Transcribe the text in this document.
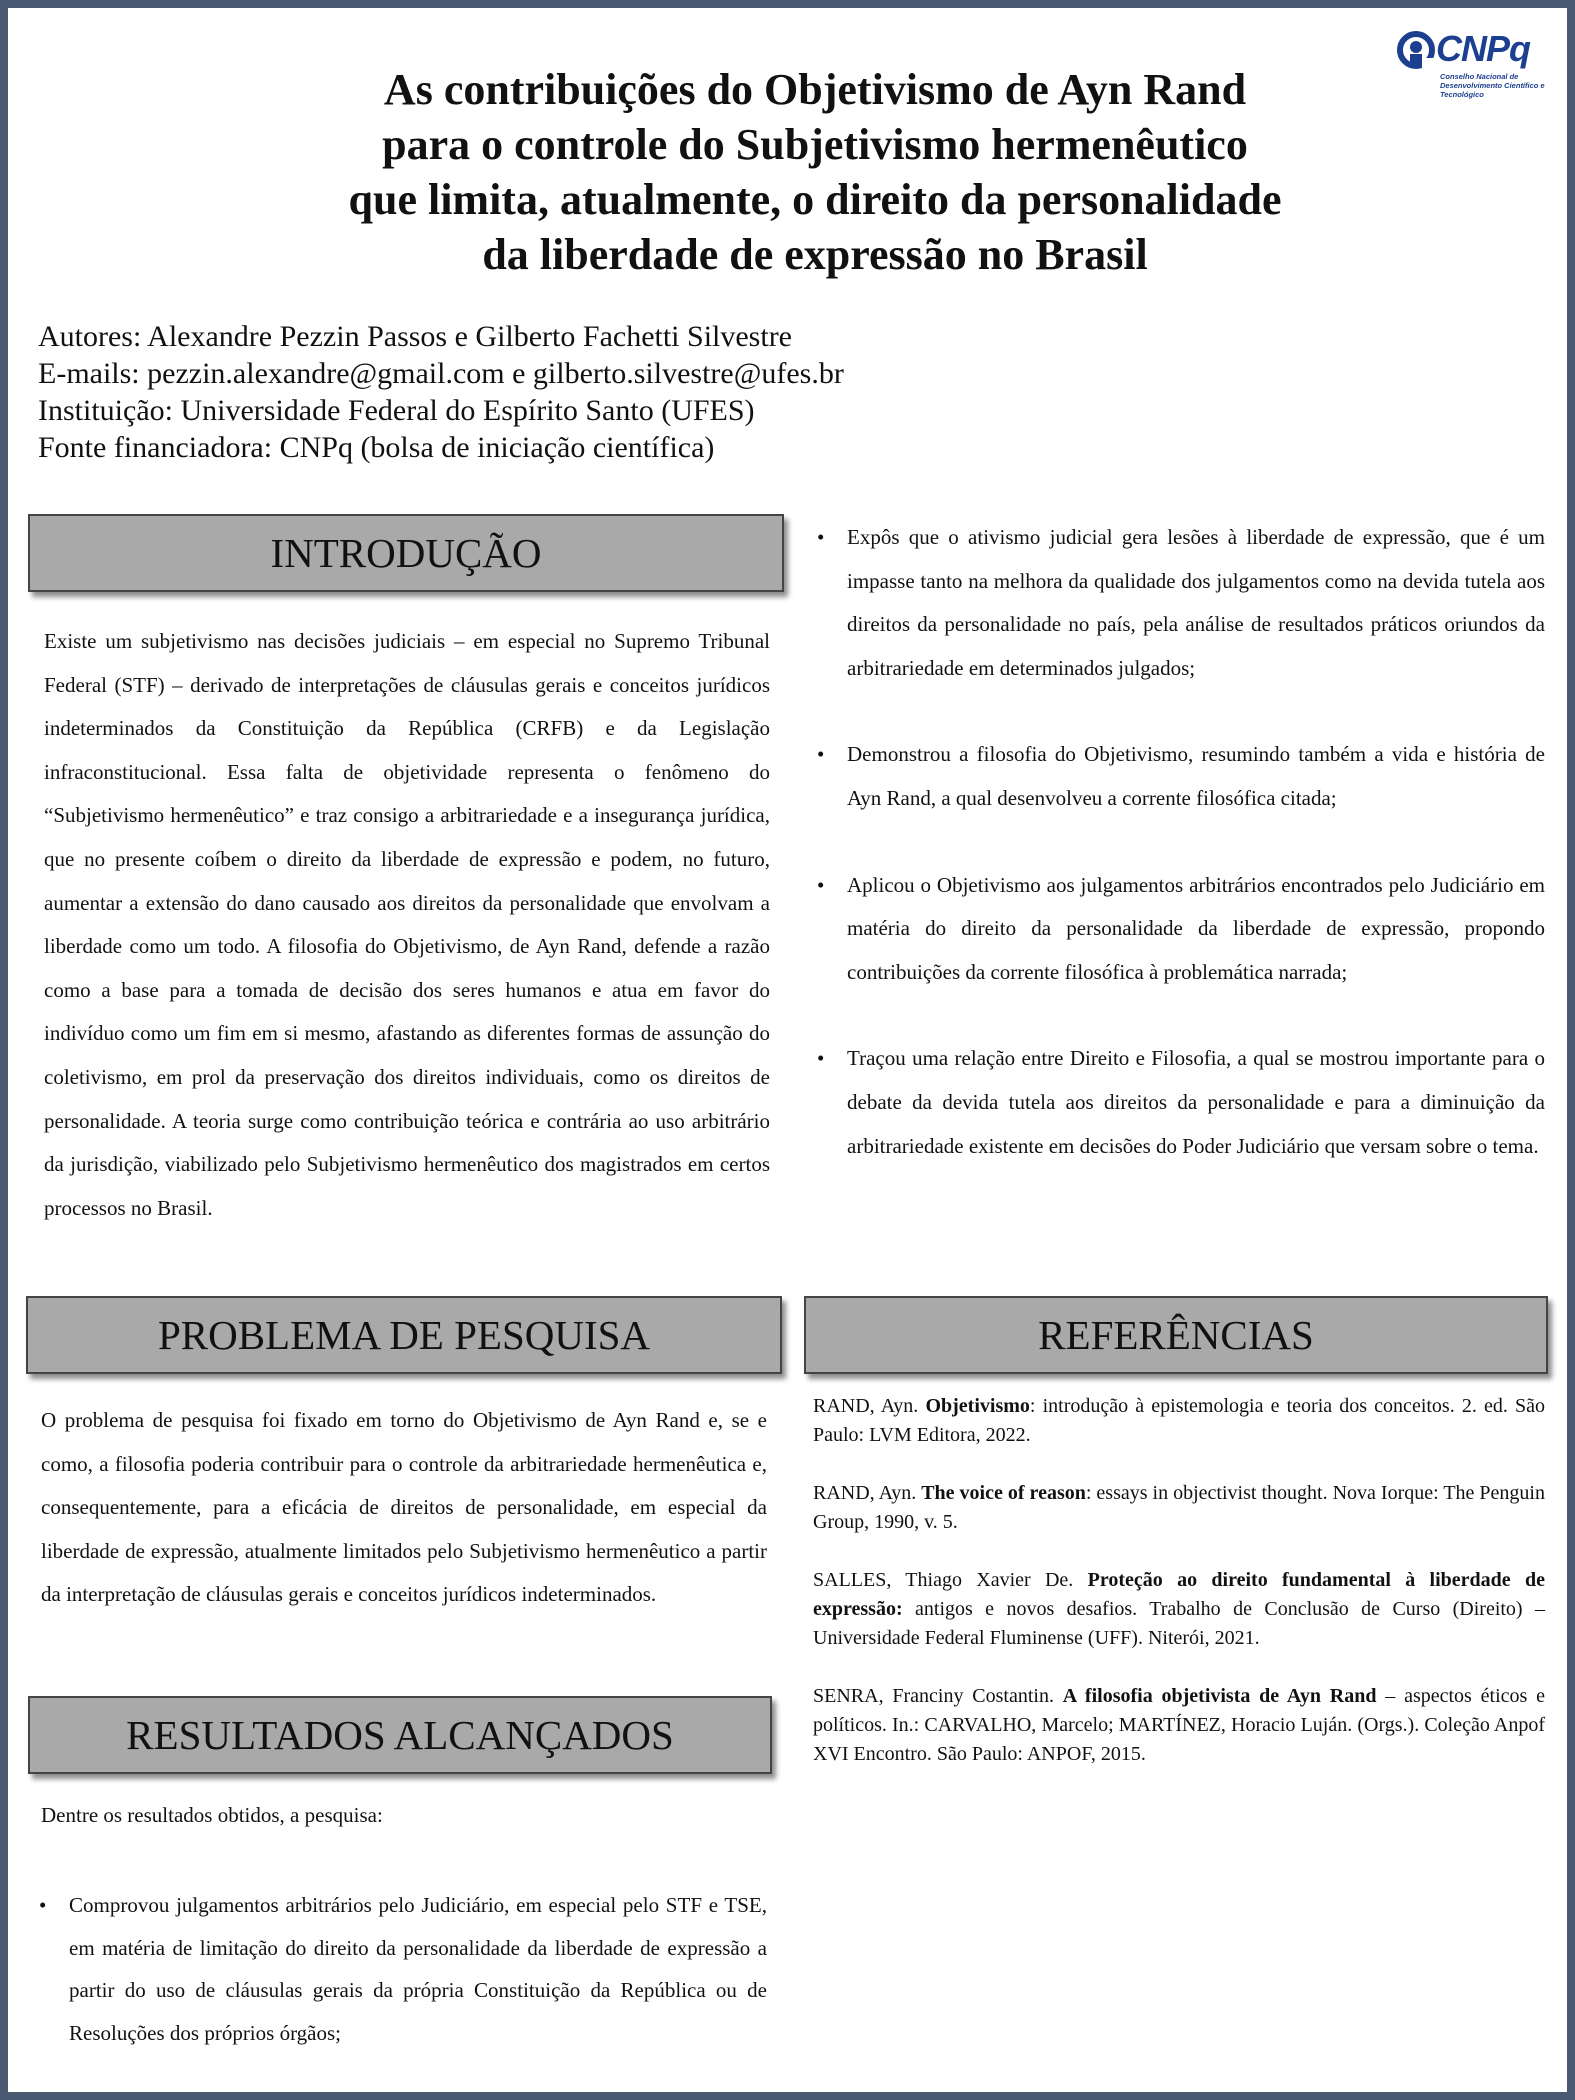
As contribuições do Objetivismo de Ayn Rand
para o controle do Subjetivismo hermenêutico
que limita, atualmente, o direito da personalidade
da liberdade de expressão no Brasil
CNPq
Conselho Nacional de Desenvolvimento Científico e Tecnológico
Autores: Alexandre Pezzin Passos e Gilberto Fachetti Silvestre
E-mails: pezzin.alexandre@gmail.com e gilberto.silvestre@ufes.br
Instituição: Universidade Federal do Espírito Santo (UFES)
Fonte financiadora: CNPq (bolsa de iniciação científica)
INTRODUÇÃO

Existe um subjetivismo nas decisões judiciais – em especial no Supremo Tribunal Federal (STF) – derivado de interpretações de cláusulas gerais e conceitos jurídicos indeterminados da Constituição da República (CRFB) e da Legislação infraconstitucional. Essa falta de objetividade representa o fenômeno do “Subjetivismo hermenêutico” e traz consigo a arbitrariedade e a insegurança jurídica, que no presente coíbem o direito da liberdade de expressão e podem, no futuro, aumentar a extensão do dano causado aos direitos da personalidade que envolvam a liberdade como um todo. A filosofia do Objetivismo, de Ayn Rand, defende a razão como a base para a tomada de decisão dos seres humanos e atua em favor do indivíduo como um fim em si mesmo, afastando as diferentes formas de assunção do coletivismo, em prol da preservação dos direitos individuais, como os direitos de personalidade. A teoria surge como contribuição teórica e contrária ao uso arbitrário da jurisdição, viabilizado pelo Subjetivismo hermenêutico dos magistrados em certos processos no Brasil.

PROBLEMA DE PESQUISA

O problema de pesquisa foi fixado em torno do Objetivismo de Ayn Rand e, se e como, a filosofia poderia contribuir para o controle da arbitrariedade hermenêutica e, consequentemente, para a eficácia de direitos de personalidade, em especial da liberdade de expressão, atualmente limitados pelo Subjetivismo hermenêutico a partir da interpretação de cláusulas gerais e conceitos jurídicos indeterminados.

RESULTADOS ALCANÇADOS
Dentre os resultados obtidos, a pesquisa:
• Comprovou julgamentos arbitrários pelo Judiciário, em especial pelo STF e TSE, em matéria de limitação do direito da personalidade da liberdade de expressão a partir do uso de cláusulas gerais da própria Constituição da República ou de Resoluções dos próprios órgãos;
• Expôs que o ativismo judicial gera lesões à liberdade de expressão, que é um impasse tanto na melhora da qualidade dos julgamentos como na devida tutela aos direitos da personalidade no país, pela análise de resultados práticos oriundos da arbitrariedade em determinados julgados;
• Demonstrou a filosofia do Objetivismo, resumindo também a vida e história de Ayn Rand, a qual desenvolveu a corrente filosófica citada;
• Aplicou o Objetivismo aos julgamentos arbitrários encontrados pelo Judiciário em matéria do direito da personalidade da liberdade de expressão, propondo contribuições da corrente filosófica à problemática narrada;
• Traçou uma relação entre Direito e Filosofia, a qual se mostrou importante para o debate da devida tutela aos direitos da personalidade e para a diminuição da arbitrariedade existente em decisões do Poder Judiciário que versam sobre o tema.
REFERÊNCIAS

RAND, Ayn. Objetivismo: introdução à epistemologia e teoria dos conceitos. 2. ed. São Paulo: LVM Editora, 2022.

RAND, Ayn. The voice of reason: essays in objectivist thought. Nova Iorque: The Penguin Group, 1990, v. 5.

SALLES, Thiago Xavier De. Proteção ao direito fundamental à liberdade de expressão: antigos e novos desafios. Trabalho de Conclusão de Curso (Direito) – Universidade Federal Fluminense (UFF). Niterói, 2021.

SENRA, Franciny Costantin. A filosofia objetivista de Ayn Rand – aspectos éticos e políticos. In.: CARVALHO, Marcelo; MARTÍNEZ, Horacio Luján. (Orgs.). Coleção Anpof XVI Encontro. São Paulo: ANPOF, 2015.
